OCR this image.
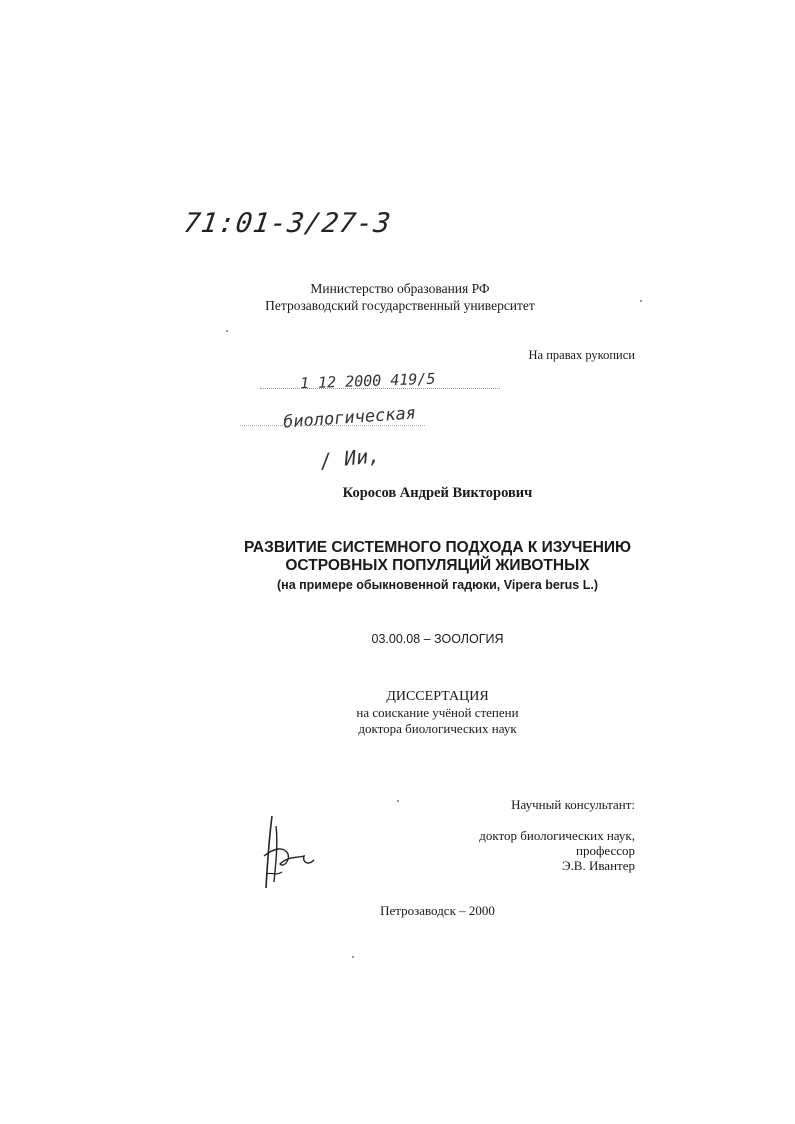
71:01-3/27-3
Министерство образования РФ
Петрозаводский государственный университет
На правах рукописи
1 12 2000 419/5
биологическая
/ Ии,
Коросов Андрей Викторович
РАЗВИТИЕ СИСТЕМНОГО ПОДХОДА К ИЗУЧЕНИЮ
ОСТРОВНЫХ ПОПУЛЯЦИЙ ЖИВОТНЫХ
(на примере обыкновенной гадюки, Vipera berus L.)
03.00.08 – ЗООЛОГИЯ
ДИССЕРТАЦИЯ
на соискание учёной степени
доктора биологических наук
Научный консультант:
доктор биологических наук,
профессор
Э.В. Ивантер
Петрозаводск – 2000
